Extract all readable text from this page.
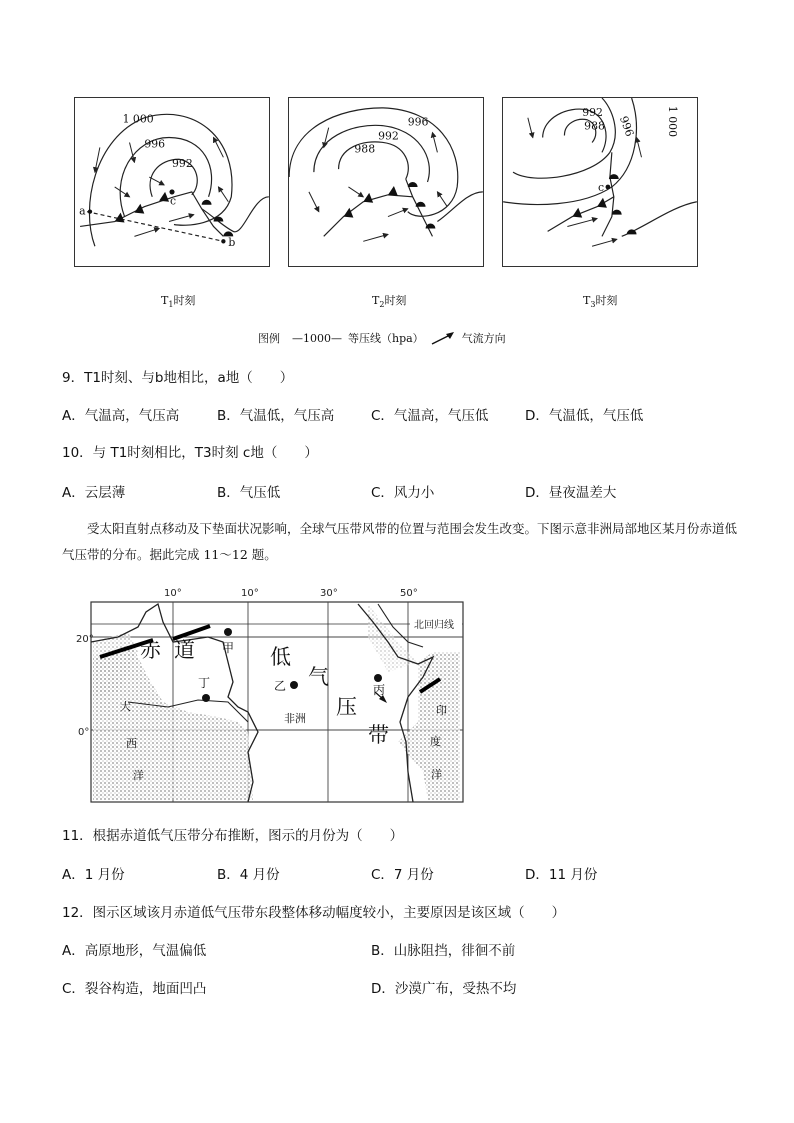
1 000
996
992
a
b
c
996
992
988
992
988 996	1 000
c
$T_1$时刻	$T_2$时刻	$T_3$时刻
图例 —1000— 等压线（hpa）	气流方向
9．T1时刻、与b地相比，a地（　　）
A．气温高，气压高	B．气温低，气压高	C．气温高，气压低	D．气温低，气压低
10．与 T1时刻相比，T3时刻 c地（　　）
A．云层薄	B．气压低	C．风力小	D．昼夜温差大
受太阳直射点移动及下垫面状况影响，全球气压带风带的位置与范围会发生改变。下图示意非洲局部地区某月份赤道低气压带的分布。据此完成 11～12 题。
10°	10°	30°	50°
20°
0°
北回归线
赤 道	低
气
压
带
甲
乙	丙
丁
大
西
洋
非洲
印
度
洋
11．根据赤道低气压带分布推断，图示的月份为（　　）
A．1 月份	B．4 月份	C．7 月份	D．11 月份
12．图示区域该月赤道低气压带东段整体移动幅度较小，主要原因是该区域（　　）
A．高原地形，气温偏低	B．山脉阻挡，徘徊不前
C．裂谷构造，地面凹凸	D．沙漠广布，受热不均
